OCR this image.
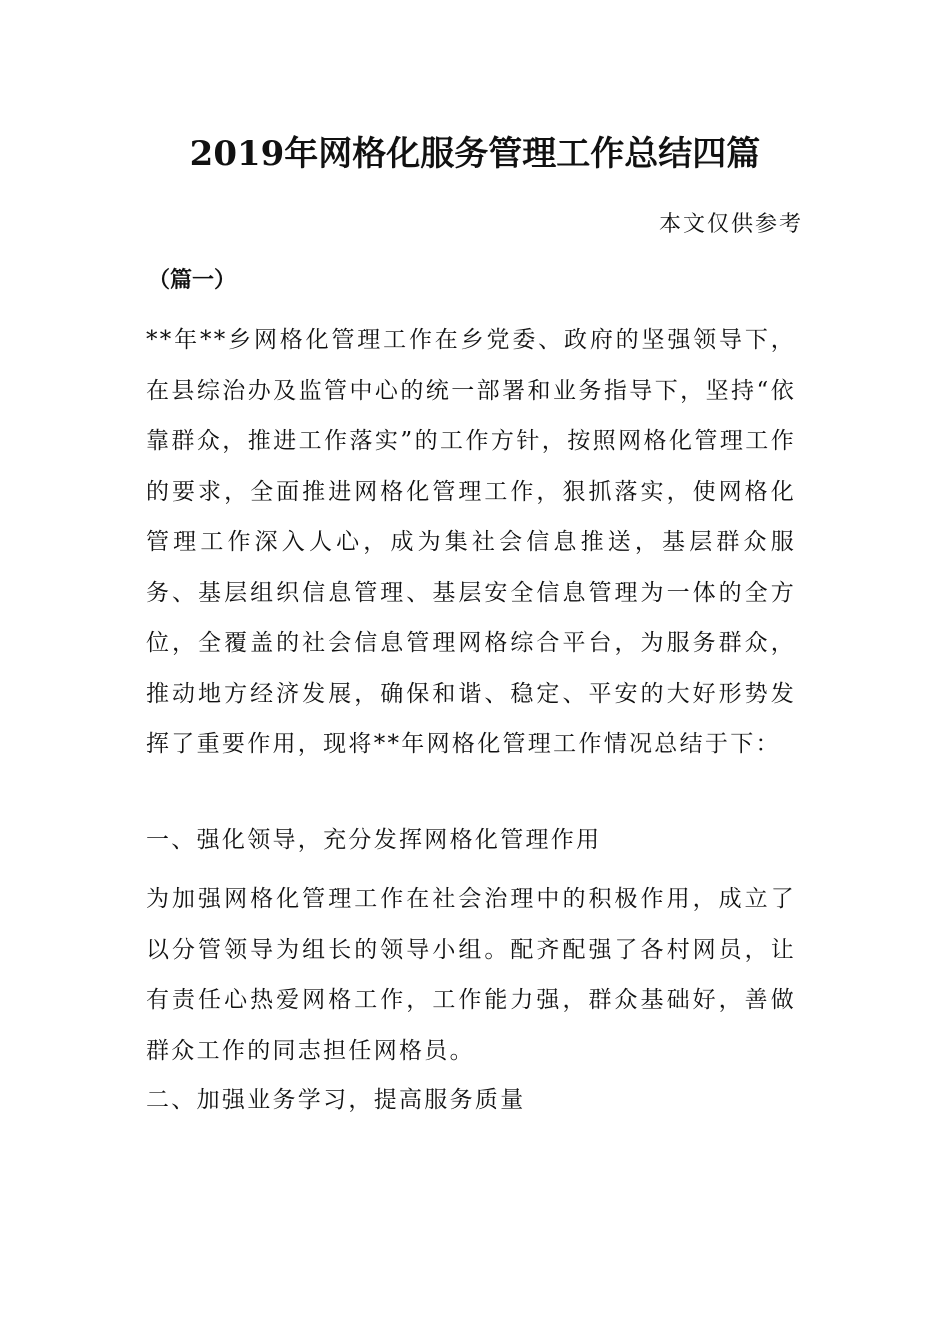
2019年网格化服务管理工作总结四篇
本文仅供参考
（篇一）

**年**乡网格化管理工作在乡党委、政府的坚强领导下，在县综治办及监管中心的统一部署和业务指导下，坚持“依靠群众，推进工作落实”的工作方针，按照网格化管理工作的要求，全面推进网格化管理工作，狠抓落实，使网格化管理工作深入人心，成为集社会信息推送，基层群众服务、基层组织信息管理、基层安全信息管理为一体的全方位，全覆盖的社会信息管理网格综合平台，为服务群众，推动地方经济发展，确保和谐、稳定、平安的大好形势发挥了重要作用，现将**年网格化管理工作情况总结于下：

一、强化领导，充分发挥网格化管理作用

为加强网格化管理工作在社会治理中的积极作用，成立了以分管领导为组长的领导小组。配齐配强了各村网员，让有责任心热爱网格工作，工作能力强，群众基础好，善做群众工作的同志担任网格员。

二、加强业务学习，提高服务质量
